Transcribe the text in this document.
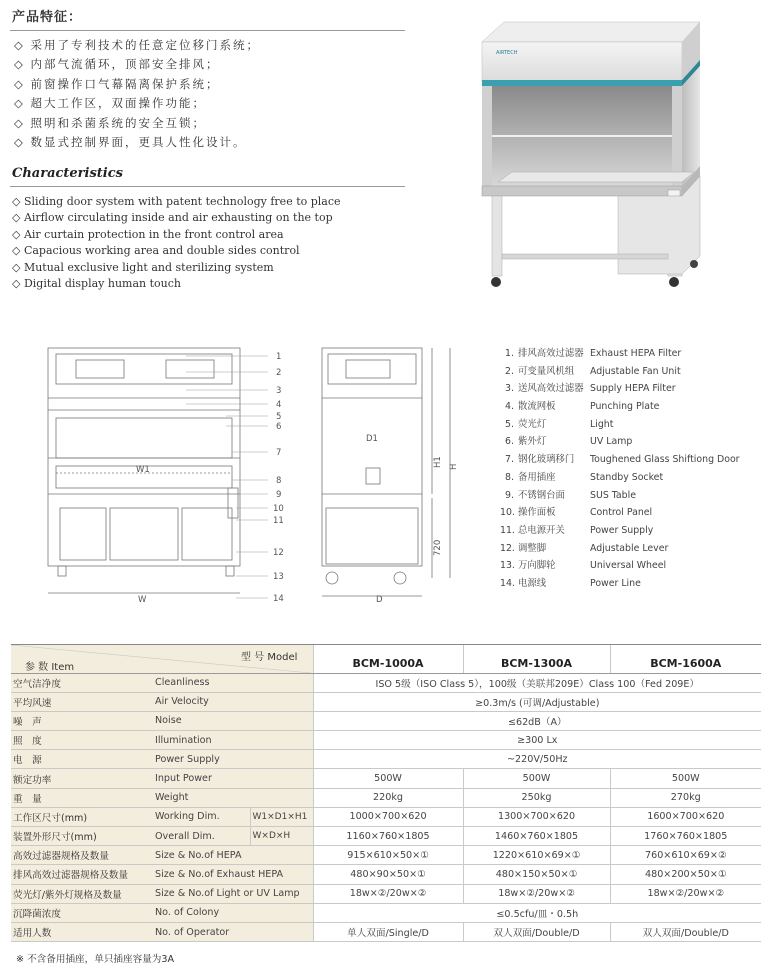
产品特征：
◇ 采用了专利技术的任意定位移门系统；
◇ 内部气流循环，顶部安全排风；
◇ 前窗操作口气幕隔离保护系统；
◇ 超大工作区，双面操作功能；
◇ 照明和杀菌系统的安全互锁；
◇ 数显式控制界面，更具人性化设计。
Characteristics
◇ Sliding door system with patent technology free to place
◇ Airflow circulating inside and air exhausting on the top
◇ Air curtain protection in the front control area
◇ Capacious working area and double sides control
◇ Mutual exclusive light and sterilizing system
◇ Digital display human touch
AIRTECH
1
2
3
4
5
6
7
8
9
10
11
12
13
14
W1
W
D1
D
H1 H
720
1. 排风高效过滤器 Exhaust HEPA Filter
2. 可变量风机组	Adjustable Fan Unit
3. 送风高效过滤器 Supply HEPA Filter
4. 散流网板	Punching Plate
5. 荧光灯	Light
6. 紫外灯	UV Lamp
7. 钢化玻璃移门	Toughened Glass Shiftiong Door
8. 备用插座	Standby Socket
9. 不锈钢台面	SUS Table
10. 操作面板	Control Panel
11. 总电源开关	Power Supply
12. 调整脚	Adjustable Lever
13. 万向脚轮	Universal Wheel
14. 电源线	Power Line
型 号 Model
参 数 Item			BCM-1000A	BCM-1300A	BCM-1600A
空气洁净度	Cleanliness		ISO 5级（ISO Class 5），100级（美联邦209E）Class 100（Fed 209E）		
平均风速	Air Velocity		≥0.3m/s (可调/Adjustable)		
噪　声	Noise		≤62dB（A）		
照　度	Illumination		≥300 Lx		
电　源	Power Supply		~220V/50Hz		
额定功率	Input Power		500W	500W	500W
重　量	Weight		220kg	250kg	270kg
工作区尺寸(mm)	Working Dim.	W1×D1×H1	1000×700×620	1300×700×620	1600×700×620
装置外形尺寸(mm)	Overall Dim.	W×D×H	1160×760×1805	1460×760×1805	1760×760×1805
高效过滤器规格及数量	Size & No.of HEPA		915×610×50×①	1220×610×69×①	760×610×69×②
排风高效过滤器规格及数量	Size & No.of Exhaust HEPA		480×90×50×①	480×150×50×①	480×200×50×①
荧光灯/紫外灯规格及数量	Size & No.of Light or UV Lamp		18w×②/20w×②	18w×②/20w×②	18w×②/20w×②
沉降菌浓度	No. of Colony		≤0.5cfu/皿・0.5h		
适用人数	No. of Operator		单人双面/Single/D	双人双面/Double/D	双人双面/Double/D
※ 不含备用插座，单只插座容量为3A
